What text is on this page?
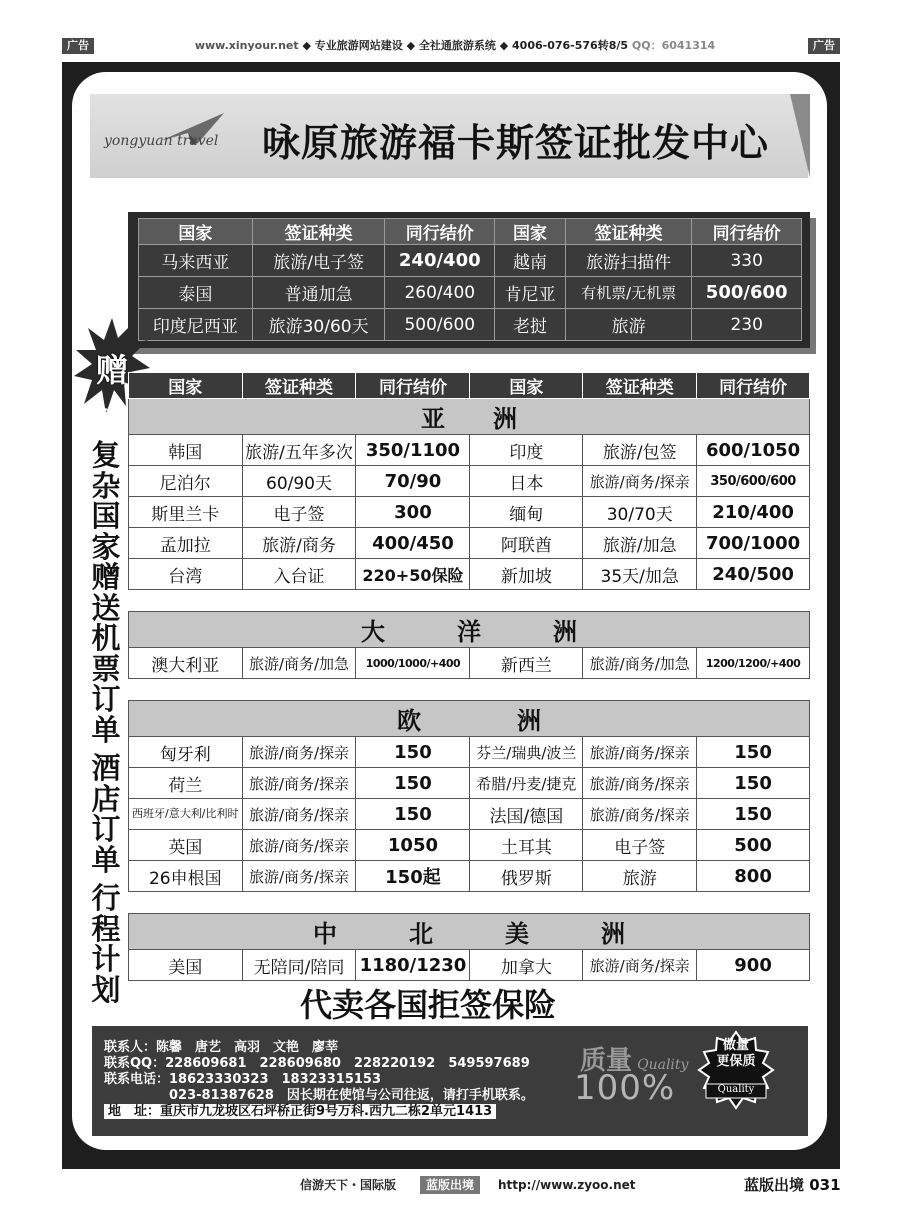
广告	www.xinyour.net ◆ 专业旅游网站建设 ◆ 全社通旅游系统 ◆ 4006-076-576转8/5 QQ：6041314	广告
yongyuan travel 咏原旅游福卡斯签证批发中心
国家	签证种类	同行结价	国家	签证种类	同行结价
马来西亚	旅游/电子签	240/400	越南	旅游扫描件	330
泰国	普通加急	260/400	肯尼亚	有机票/无机票	500/600
印度尼西亚	旅游30/60天	500/600	老挝	旅游	230
赠
送
复
杂
国
家
赠
送
机
票
订
单
酒
店
订
单
行
程
计
划
国家	签证种类	同行结价	国家	签证种类	同行结价
亚　　洲					
韩国	旅游/五年多次	350/1100	印度	旅游/包签	600/1050
尼泊尔	60/90天	70/90	日本	旅游/商务/探亲	350/600/600
斯里兰卡	电子签	300	缅甸	30/70天	210/400
孟加拉	旅游/商务	400/450	阿联酋	旅游/加急	700/1000
台湾	入台证	220+50保险	新加坡	35天/加急	240/500

大　　　洋　　　洲					
澳大利亚	旅游/商务/加急	1000/1000/+400	新西兰	旅游/商务/加急	1200/1200/+400

欧　　　　洲					
匈牙利	旅游/商务/探亲	150	芬兰/瑞典/波兰	旅游/商务/探亲	150
荷兰	旅游/商务/探亲	150	希腊/丹麦/捷克	旅游/商务/探亲	150
西班牙/意大利/比利时	旅游/商务/探亲	150	法国/德国	旅游/商务/探亲	150
英国	旅游/商务/探亲	1050	土耳其	电子签	500
26申根国	旅游/商务/探亲	150起	俄罗斯	旅游	800

中　　　北　　　美　　　洲					
美国	无陪同/陪同	1180/1230	加拿大	旅游/商务/探亲	900
代卖各国拒签保险
联系人：陈馨　唐艺　高羽　文艳　廖莘
联系QQ：228609681　228609680　228220192　549597689
联系电话：18623330323　18323315153
　　　　　023-81387628　因长期在使馆与公司往返，请打手机联系。
地　址：重庆市九龙坡区石坪桥正街9号万科.西九二栋2单元1413
质量 Quality
100%
做量
更保质
Quality
信游天下・国际版	蓝版出境	http://www.zyoo.net	蓝版出境 031
